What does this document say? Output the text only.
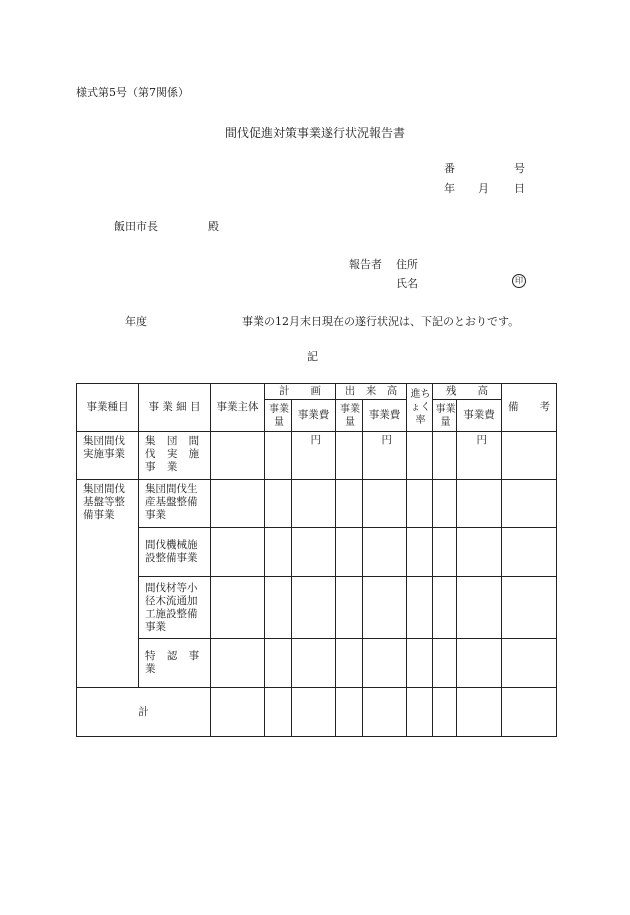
様式第5号（第7関係）
間伐促進対策事業遂行状況報告書
番	号
年 月 日
飯田市長	殿
報告者 住所
氏名	印
年度	事業の12月末日現在の遂行状況は、下記のとおりです。
記
事業種目	事 業 細 目	事業主体	計　　画		出　来　高		進ちょく率	残　　高		備　　考
			事業量	事業費	事業量	事業費		事業量	事業費	
集団間伐実施事業	集 団 間 伐 実 施 事 業			円		円			円	
集団間伐基盤等整備事業	集団間伐生産基盤整備事業									
	間伐機械施設整備事業									
	間伐材等小径木流通加工施設整備事業									
	特 認 事 業									
計										
